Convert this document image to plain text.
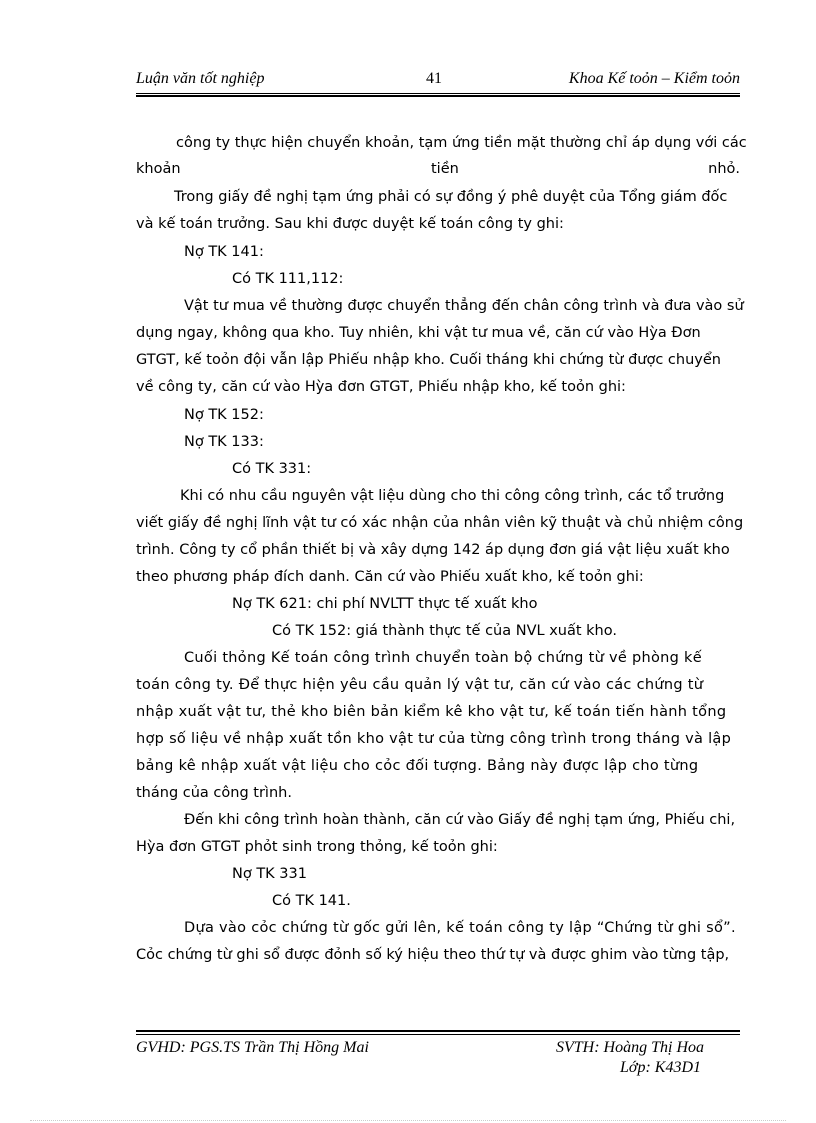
Luận văn tốt nghiệp	41	Khoa Kế toỏn – Kiểm toỏn
công ty thực hiện chuyển khoản, tạm ứng tiền mặt thường chỉ áp dụng với các
khoản	tiền	nhỏ.
Trong giấy đề nghị tạm ứng phải có sự đồng ý phê duyệt của Tổng giám đốc
và kế toán trưởng. Sau khi được duyệt kế toán công ty ghi:
Nợ TK 141:
Có TK 111,112:
Vật tư mua về thường được chuyển thẳng đến chân công trình và đưa vào sử
dụng ngay, không qua kho. Tuy nhiên, khi vật tư mua về, căn cứ vào Hỳa Đơn
GTGT, kế toỏn đội vẫn lập Phiếu nhập kho. Cuối tháng khi chứng từ được chuyển
về công ty, căn cứ vào Hỳa đơn GTGT, Phiếu nhập kho, kế toỏn ghi:
Nợ TK 152:
Nợ TK 133:
Có TK 331:
Khi có nhu cầu nguyên vật liệu dùng cho thi công công trình, các tổ trưởng
viết giấy đề nghị lĩnh vật tư có xác nhận của nhân viên kỹ thuật và chủ nhiệm công
trình. Công ty cổ phần thiết bị và xây dựng 142 áp dụng đơn giá vật liệu xuất kho
theo phương pháp đích danh. Căn cứ vào Phiếu xuất kho, kế toỏn ghi:
Nợ TK 621: chi phí NVLTT thực tế xuất kho
Có TK 152: giá thành thực tế của NVL xuất kho.
Cuối thỏng Kế toán công trình chuyển toàn bộ chứng từ về phòng kế
toán công ty. Để thực hiện yêu cầu quản lý vật tư, căn cứ vào các chứng từ
nhập xuất vật tư, thẻ kho biên bản kiểm kê kho vật tư, kế toán tiến hành tổng
hợp số liệu về nhập xuất tồn kho vật tư của từng công trình trong tháng và lập
bảng kê nhập xuất vật liệu cho cỏc đối tượng. Bảng này được lập cho từng
tháng của công trình.
Đến khi công trình hoàn thành, căn cứ vào Giấy đề nghị tạm ứng, Phiếu chi,
Hỳa đơn GTGT phỏt sinh trong thỏng, kế toỏn ghi:
Nợ TK 331
Có TK 141.
Dựa vào cỏc chứng từ gốc gửi lên, kế toán công ty lập “Chứng từ ghi sổ”.
Cỏc chứng từ ghi sổ được đỏnh số ký hiệu theo thứ tự và được ghim vào từng tập,
GVHD: PGS.TS Trần Thị Hồng Mai	SVTH: Hoàng Thị Hoa
Lớp: K43D1
